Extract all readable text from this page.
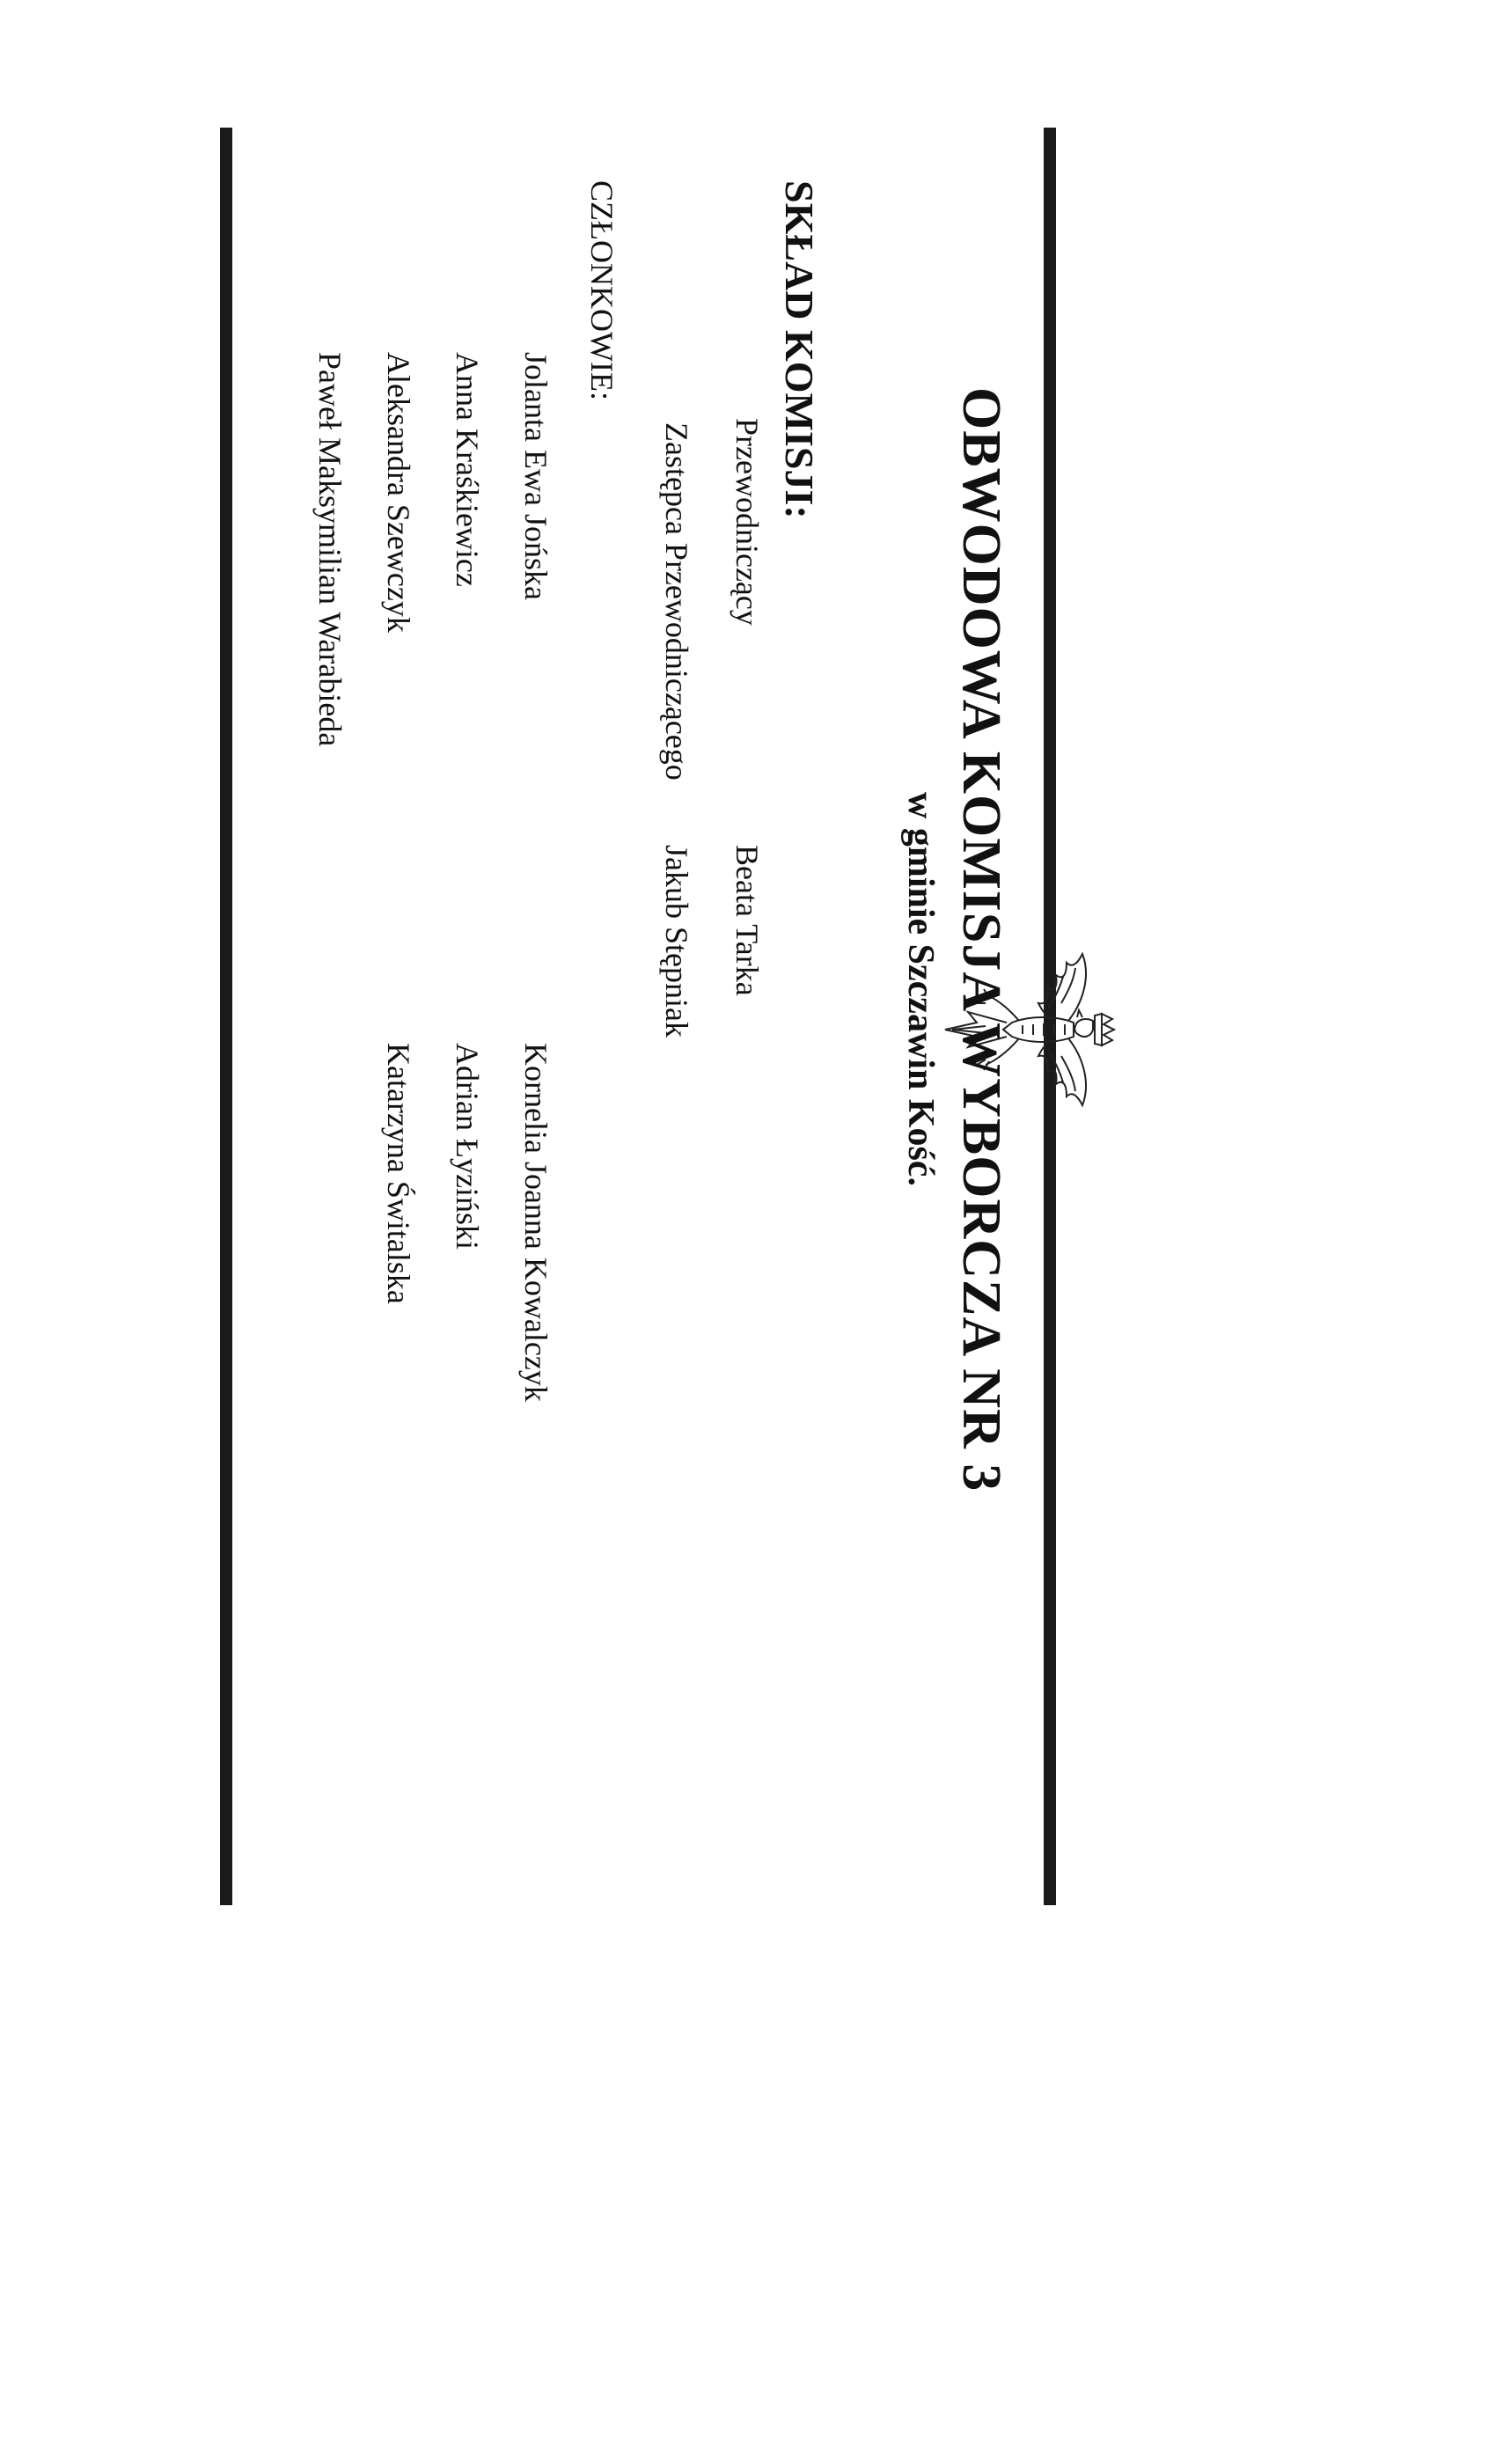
OBWODOWA KOMISJA WYBORCZA NR 3
w gminie Szczawin Kość.
SKŁAD KOMISJI:
Przewodniczący
Beata Tarka
Zastępca Przewodniczącego
Jakub Stępniak
CZŁONKOWIE:
Jolanta Ewa Jońska
Anna Kraśkiewicz
Aleksandra Szewczyk
Paweł Maksymilian Warabieda
Kornelia Joanna Kowalczyk
Adrian Łyziński
Katarzyna Świtalska
